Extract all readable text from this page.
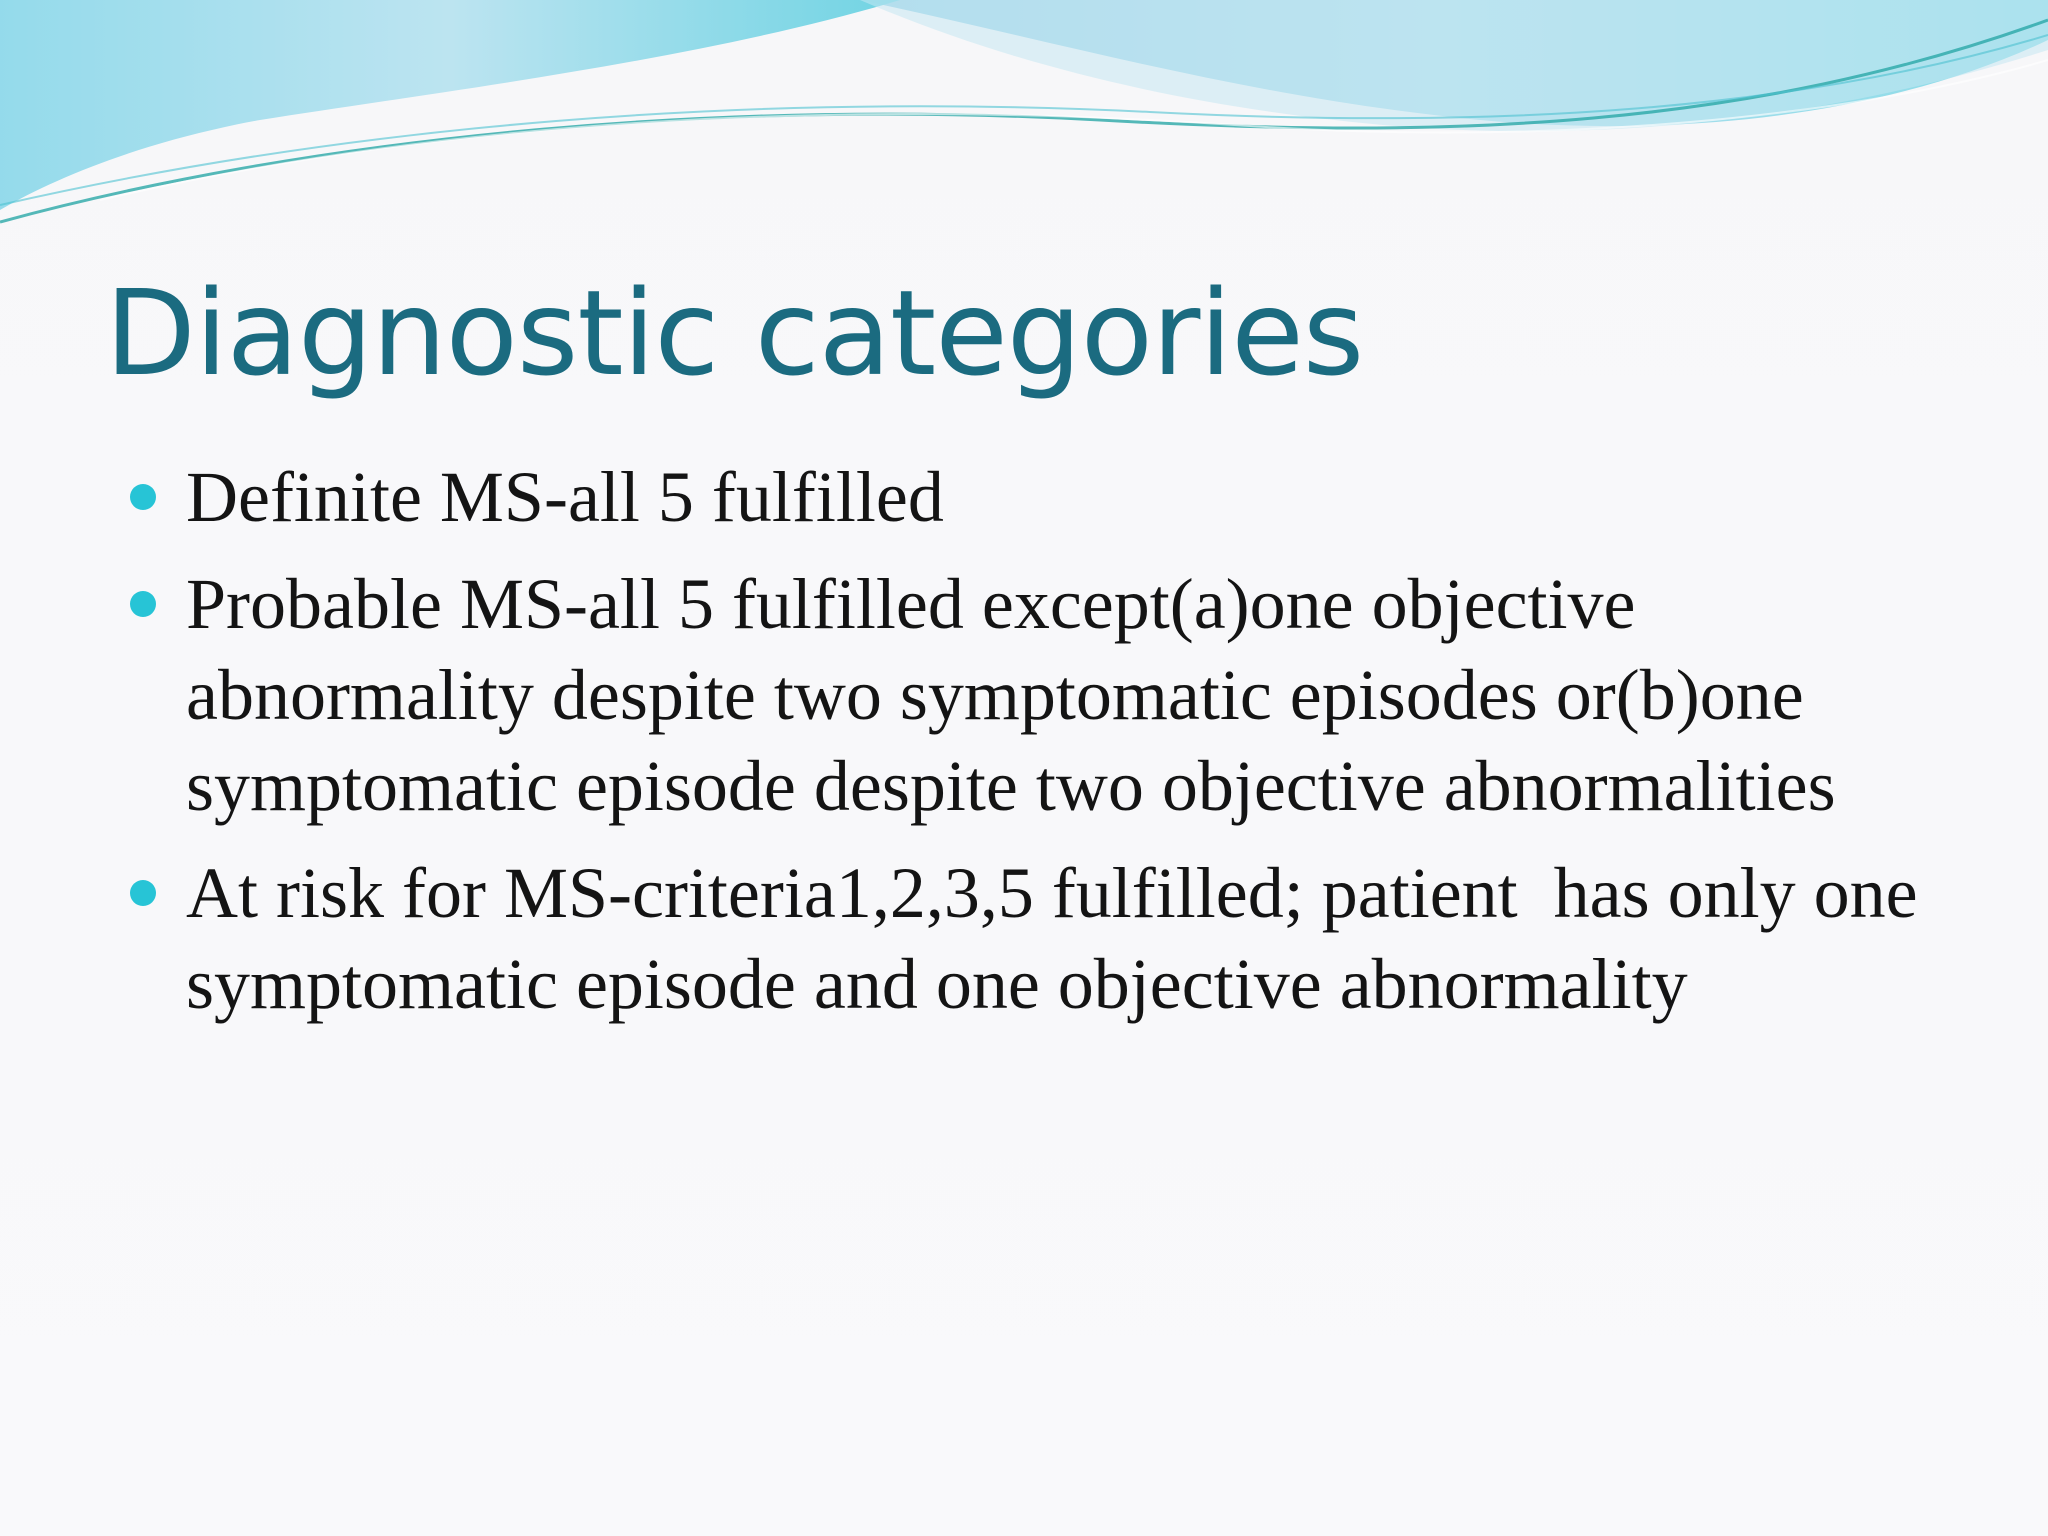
Diagnostic categories
Definite MS-all 5 fulfilled
Probable MS-all 5 fulfilled except(a)one objective abnormality despite two symptomatic episodes or(b)one symptomatic episode despite two objective abnormalities
At risk for MS-criteria1,2,3,5 fulfilled; patient  has only one symptomatic episode and one objective abnormality
